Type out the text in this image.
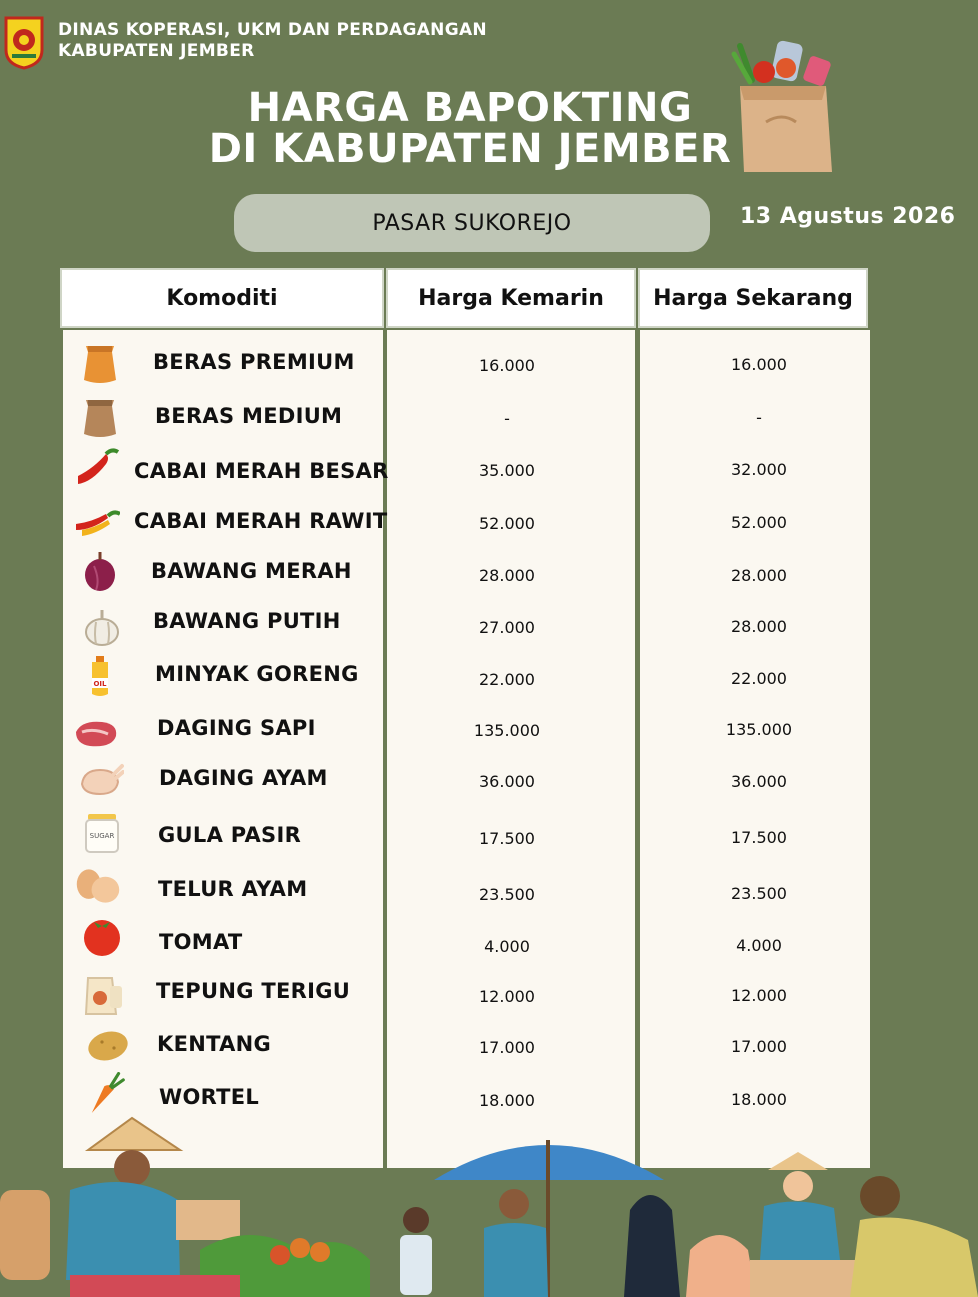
DINAS KOPERASI, UKM DAN PERDAGANGAN
KABUPATEN JEMBER
HARGA BAPOKTING
DI KABUPATEN JEMBER
PASAR SUKOREJO	13 Agustus 2026
Komoditi	Harga Kemarin	Harga Sekarang
BERAS PREMIUM	16.000	16.000
BERAS MEDIUM	-	-
CABAI MERAH BESAR	35.000	32.000
CABAI MERAH RAWIT	52.000	52.000
BAWANG MERAH	28.000	28.000
BAWANG PUTIH	27.000	28.000
OIL MINYAK GORENG	22.000	22.000
DAGING SAPI	135.000	135.000
DAGING AYAM	36.000	36.000
SUGAR GULA PASIR	17.500	17.500
TELUR AYAM	23.500	23.500
TOMAT	4.000	4.000
TEPUNG TERIGU	12.000	12.000
KENTANG	17.000	17.000
WORTEL	18.000	18.000
